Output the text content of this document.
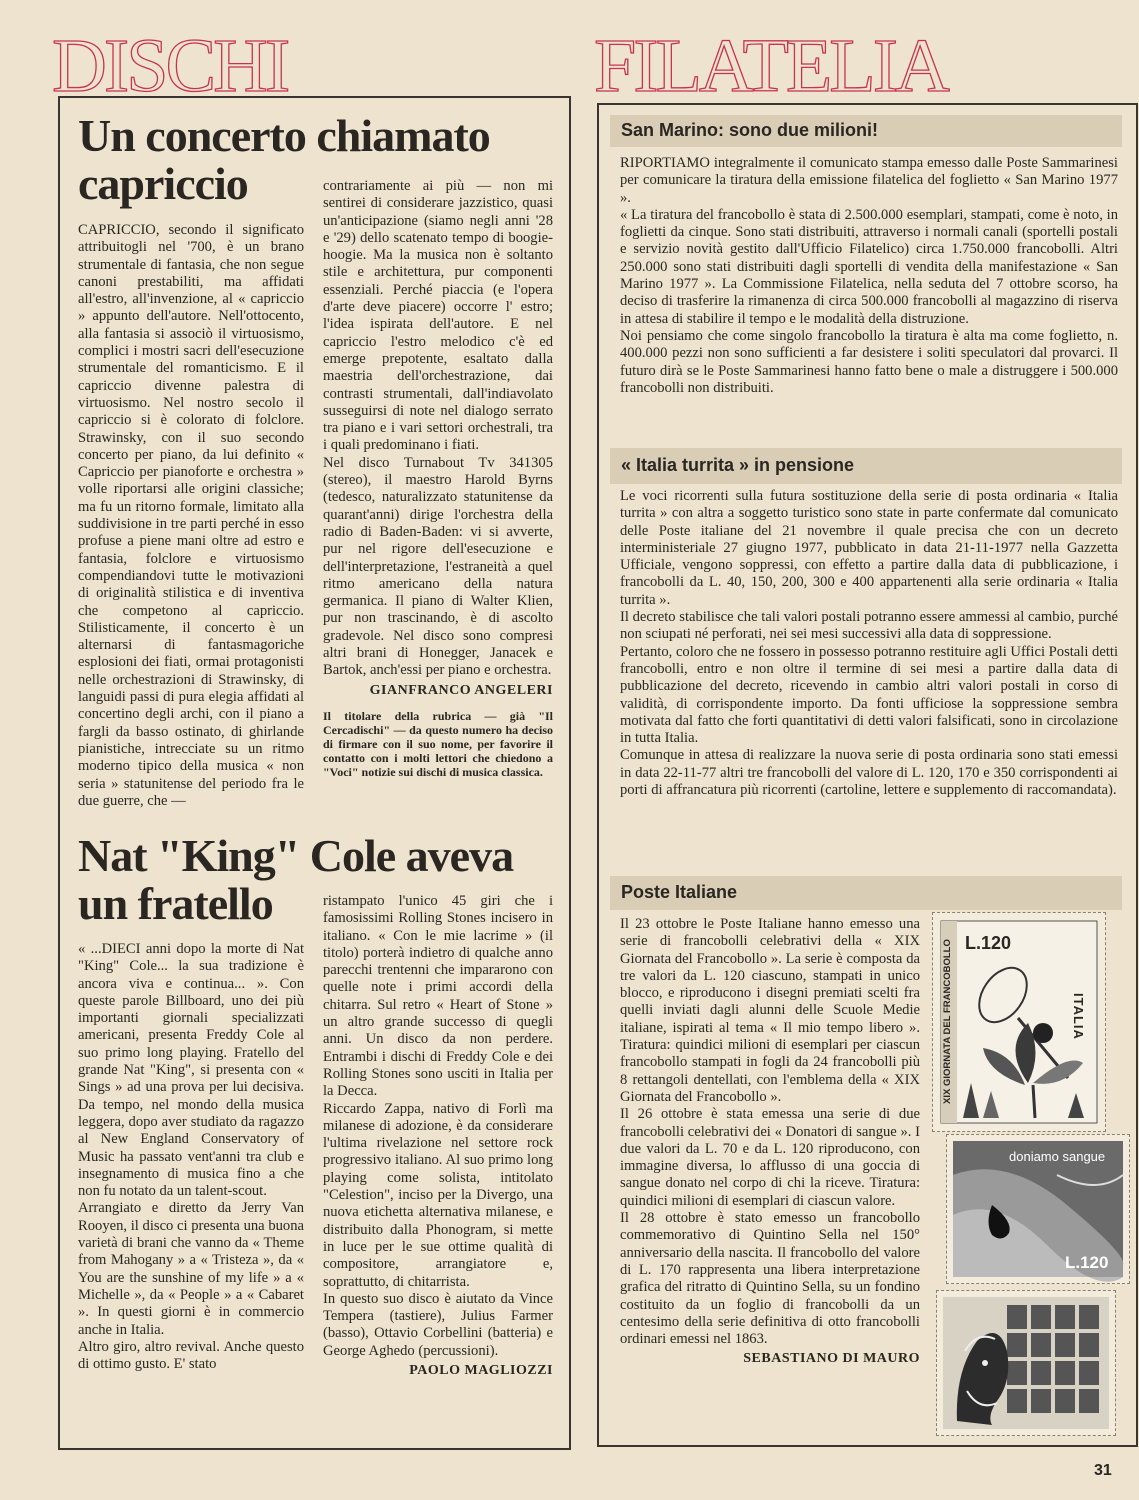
DISCHI	FILATELIA
Un concerto chiamato capriccio

CAPRICCIO, secondo il significato attribuitogli nel '700, è un brano strumentale di fantasia, che non segue canoni prestabiliti, ma affidati all'estro, all'invenzione, al « capriccio » appunto dell'autore. Nell'ottocento, alla fantasia si associò il virtuosismo, complici i mostri sacri dell'esecuzione strumentale del romanticismo. E il capriccio divenne palestra di virtuosismo. Nel nostro secolo il capriccio si è colorato di folclore. Strawinsky, con il suo secondo concerto per piano, da lui definito « Capriccio per pianoforte e orchestra » volle riportarsi alle origini classiche; ma fu un ritorno formale, limitato alla suddivisione in tre parti perché in esso profuse a piene mani oltre ad estro e fantasia, folclore e virtuosismo compendiandovi tutte le motivazioni di originalità stilistica e di inventiva che competono al capriccio. Stilisticamente, il concerto è un alternarsi di fantasmagoriche esplosioni dei fiati, ormai protagonisti nelle orchestrazioni di Strawinsky, di languidi passi di pura elegia affidati al concertino degli archi, con il piano a fargli da basso ostinato, di ghirlande pianistiche, intrecciate su un ritmo moderno tipico della musica « non seria » statunitense del periodo fra le due guerre, che —

contrariamente ai più — non mi sentirei di considerare jazzistico, quasi un'anticipazione (siamo negli anni '28 e '29) dello scatenato tempo di boogie-hoogie. Ma la musica non è soltanto stile e architettura, pur componenti essenziali. Perché piaccia (e l'opera d'arte deve piacere) occorre l' estro; l'idea ispirata dell'autore. E nel capriccio l'estro melodico c'è ed emerge prepotente, esaltato dalla maestria dell'orchestrazione, dai contrasti strumentali, dall'indiavolato susseguirsi di note nel dialogo serrato tra piano e i vari settori orchestrali, tra i quali predominano i fiati.

Nel disco Turnabout Tv 341305 (stereo), il maestro Harold Byrns (tedesco, naturalizzato statunitense da quarant'anni) dirige l'orchestra della radio di Baden-Baden: vi si avverte, pur nel rigore dell'esecuzione e dell'interpretazione, l'estraneità a quel ritmo americano della natura germanica. Il piano di Walter Klien, pur non trascinando, è di ascolto gradevole. Nel disco sono compresi altri brani di Honegger, Janacek e Bartok, anch'essi per piano e orchestra.

GIANFRANCO ANGELERI
Il titolare della rubrica — già "Il Cercadischi" — da questo numero ha deciso di firmare con il suo nome, per favorire il contatto con i molti lettori che chiedono a "Voci" notizie sui dischi di musica classica.
Nat "King" Cole aveva un fratello

« ...DIECI anni dopo la morte di Nat "King" Cole... la sua tradizione è ancora viva e continua... ». Con queste parole Billboard, uno dei più importanti giornali specializzati americani, presenta Freddy Cole al suo primo long playing. Fratello del grande Nat "King", si presenta con « Sings » ad una prova per lui decisiva. Da tempo, nel mondo della musica leggera, dopo aver studiato da ragazzo al New England Conservatory of Music ha passato vent'anni tra club e insegnamento di musica fino a che non fu notato da un talent-scout.

Arrangiato e diretto da Jerry Van Rooyen, il disco ci presenta una buona varietà di brani che vanno da « Theme from Mahogany » a « Tristeza », da « You are the sunshine of my life » a « Michelle », da « People » a « Cabaret ». In questi giorni è in commercio anche in Italia.

Altro giro, altro revival. Anche questo di ottimo gusto. E' stato

ristampato l'unico 45 giri che i famosissimi Rolling Stones incisero in italiano. « Con le mie lacrime » (il titolo) porterà indietro di qualche anno parecchi trentenni che impararono con quelle note i primi accordi della chitarra. Sul retro « Heart of Stone » un altro grande successo di quegli anni. Un disco da non perdere. Entrambi i dischi di Freddy Cole e dei Rolling Stones sono usciti in Italia per la Decca.

Riccardo Zappa, nativo di Forlì ma milanese di adozione, è da considerare l'ultima rivelazione nel settore rock progressivo italiano. Al suo primo long playing come solista, intitolato "Celestion", inciso per la Divergo, una nuova etichetta alternativa milanese, e distribuito dalla Phonogram, si mette in luce per le sue ottime qualità di compositore, arrangiatore e, soprattutto, di chitarrista.

In questo suo disco è aiutato da Vince Tempera (tastiere), Julius Farmer (basso), Ottavio Corbellini (batteria) e George Aghedo (percussioni).

PAOLO MAGLIOZZI
San Marino: sono due milioni!

RIPORTIAMO integralmente il comunicato stampa emesso dalle Poste Sammarinesi per comunicare la tiratura della emissione filatelica del foglietto « San Marino 1977 ».

« La tiratura del francobollo è stata di 2.500.000 esemplari, stampati, come è noto, in foglietti da cinque. Sono stati distribuiti, attraverso i normali canali (sportelli postali e servizio novità gestito dall'Ufficio Filatelico) circa 1.750.000 francobolli. Altri 250.000 sono stati distribuiti dagli sportelli di vendita della manifestazione « San Marino 1977 ». La Commissione Filatelica, nella seduta del 7 ottobre scorso, ha deciso di trasferire la rimanenza di circa 500.000 francobolli al magazzino di riserva in attesa di stabilire il tempo e le modalità della distruzione.

Noi pensiamo che come singolo francobollo la tiratura è alta ma come foglietto, n. 400.000 pezzi non sono sufficienti a far desistere i soliti speculatori dal provarci. Il futuro dirà se le Poste Sammarinesi hanno fatto bene o male a distruggere i 500.000 francobolli non distribuiti.

« Italia turrita » in pensione

Le voci ricorrenti sulla futura sostituzione della serie di posta ordinaria « Italia turrita » con altra a soggetto turistico sono state in parte confermate dal comunicato delle Poste italiane del 21 novembre il quale precisa che con un decreto interministeriale 27 giugno 1977, pubblicato in data 21-11-1977 nella Gazzetta Ufficiale, vengono soppressi, con effetto a partire dalla data di pubblicazione, i francobolli da L. 40, 150, 200, 300 e 400 appartenenti alla serie ordinaria « Italia turrita ».

Il decreto stabilisce che tali valori postali potranno essere ammessi al cambio, purché non sciupati né perforati, nei sei mesi successivi alla data di soppressione.

Pertanto, coloro che ne fossero in possesso potranno restituire agli Uffici Postali detti francobolli, entro e non oltre il termine di sei mesi a partire dalla data di pubblicazione del decreto, ricevendo in cambio altri valori postali in corso di validità, di corrispondente importo. Da fonti ufficiose la soppressione sembra motivata dal fatto che forti quantitativi di detti valori falsificati, sono in circolazione in tutta Italia.

Comunque in attesa di realizzare la nuova serie di posta ordinaria sono stati emessi in data 22-11-77 altri tre francobolli del valore di L. 120, 170 e 350 corrispondenti ai porti di affrancatura più ricorrenti (cartoline, lettere e supplemento di raccomandata).

Poste Italiane

Il 23 ottobre le Poste Italiane hanno emesso una serie di francobolli celebrativi della « XIX Giornata del Francobollo ». La serie è composta da tre valori da L. 120 ciascuno, stampati in unico blocco, e riproducono i disegni premiati scelti fra quelli inviati dagli alunni delle Scuole Medie italiane, ispirati al tema « Il mio tempo libero ». Tiratura: quindici milioni di esemplari per ciascun francobollo stampati in fogli da 24 francobolli più 8 rettangoli dentellati, con l'emblema della « XIX Giornata del Francobollo ».

Il 26 ottobre è stata emessa una serie di due francobolli celebrativi dei « Donatori di sangue ». I due valori da L. 70 e da L. 120 riproducono, con immagine diversa, lo afflusso di una goccia di sangue donato nel corpo di chi la riceve. Tiratura: quindici milioni di esemplari di ciascun valore.

Il 28 ottobre è stato emesso un francobollo commemorativo di Quintino Sella nel 150° anniversario della nascita. Il francobollo del valore di L. 170 rappresenta una libera interpretazione grafica del ritratto di Quintino Sella, su un fondino costituito da un foglio di francobolli da un centesimo della serie definitiva di otto francobolli ordinari emessi nel 1863.

SEBASTIANO DI MAURO
L.120
ITALIA
XIX GIORNATA DEL FRANCOBOLLO
doniamo sangue
L.120
31
